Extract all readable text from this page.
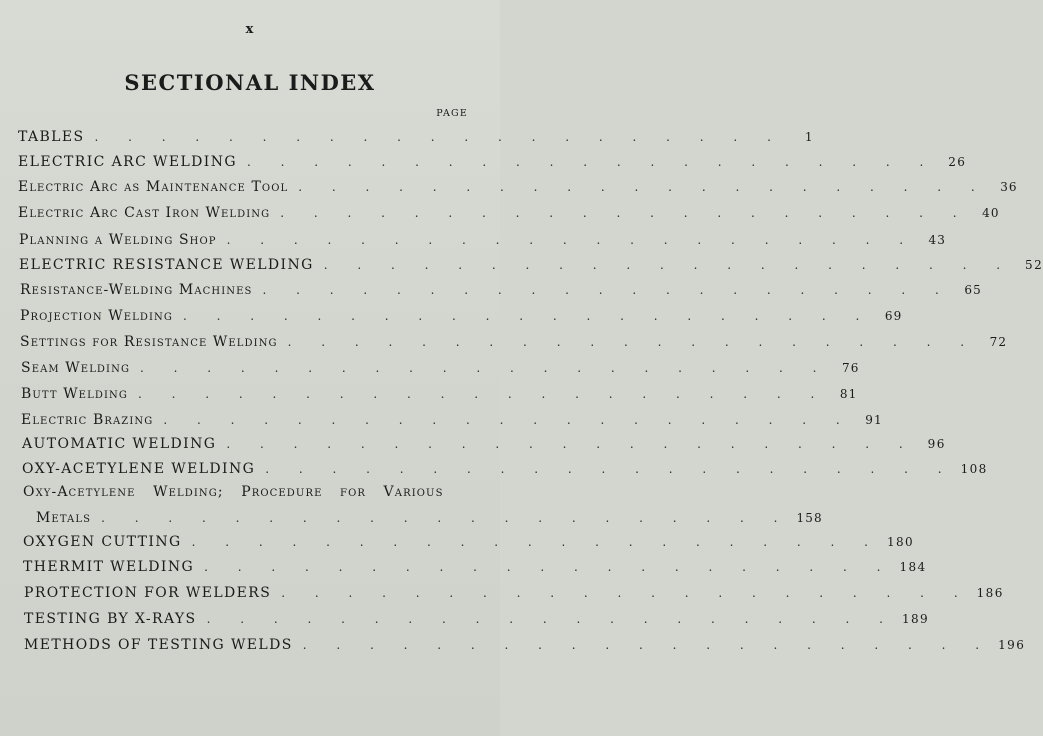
x
SECTIONAL INDEX
PAGE
TABLES . . . . . . . . . . . . . . . . . . . . .	1
ELECTRIC ARC WELDING . . . . . . . . . . . . . . . . . . . . . 26
Electric Arc as Maintenance Tool . . . . . . . . . . . . . . . . . . . . .	36
Electric Arc Cast Iron Welding . . . . . . . . . . . . . . . . . . . . .	40
Planning a Welding Shop . . . . . . . . . . . . . . . . . . . . .	43
ELECTRIC RESISTANCE WELDING . . . . . . . . . . . . . . . . . . . . . 52
Resistance-Welding Machines . . . . . . . . . . . . . . . . . . . . .	65
Projection Welding . . . . . . . . . . . . . . . . . . . . .	69
Settings for Resistance Welding . . . . . . . . . . . . . . . . . . . . .	72
Seam Welding . . . . . . . . . . . . . . . . . . . . .	76
Butt Welding . . . . . . . . . . . . . . . . . . . . .	81
Electric Brazing . . . . . . . . . . . . . . . . . . . . .	91
AUTOMATIC WELDING . . . . . . . . . . . . . . . . . . . . . 96
OXY-ACETYLENE WELDING . . . . . . . . . . . . . . . . . . . . . 108
Oxy-Acetylene Welding; Procedure for Various
Metals . . . . . . . . . . . . . . . . . . . . . 158
OXYGEN CUTTING . . . . . . . . . . . . . . . . . . . . . 180
THERMIT WELDING . . . . . . . . . . . . . . . . . . . . . 184
PROTECTION FOR WELDERS . . . . . . . . . . . . . . . . . . . . . 186
TESTING BY X-RAYS . . . . . . . . . . . . . . . . . . . . . 189
METHODS OF TESTING WELDS . . . . . . . . . . . . . . . . . . . . . 196
